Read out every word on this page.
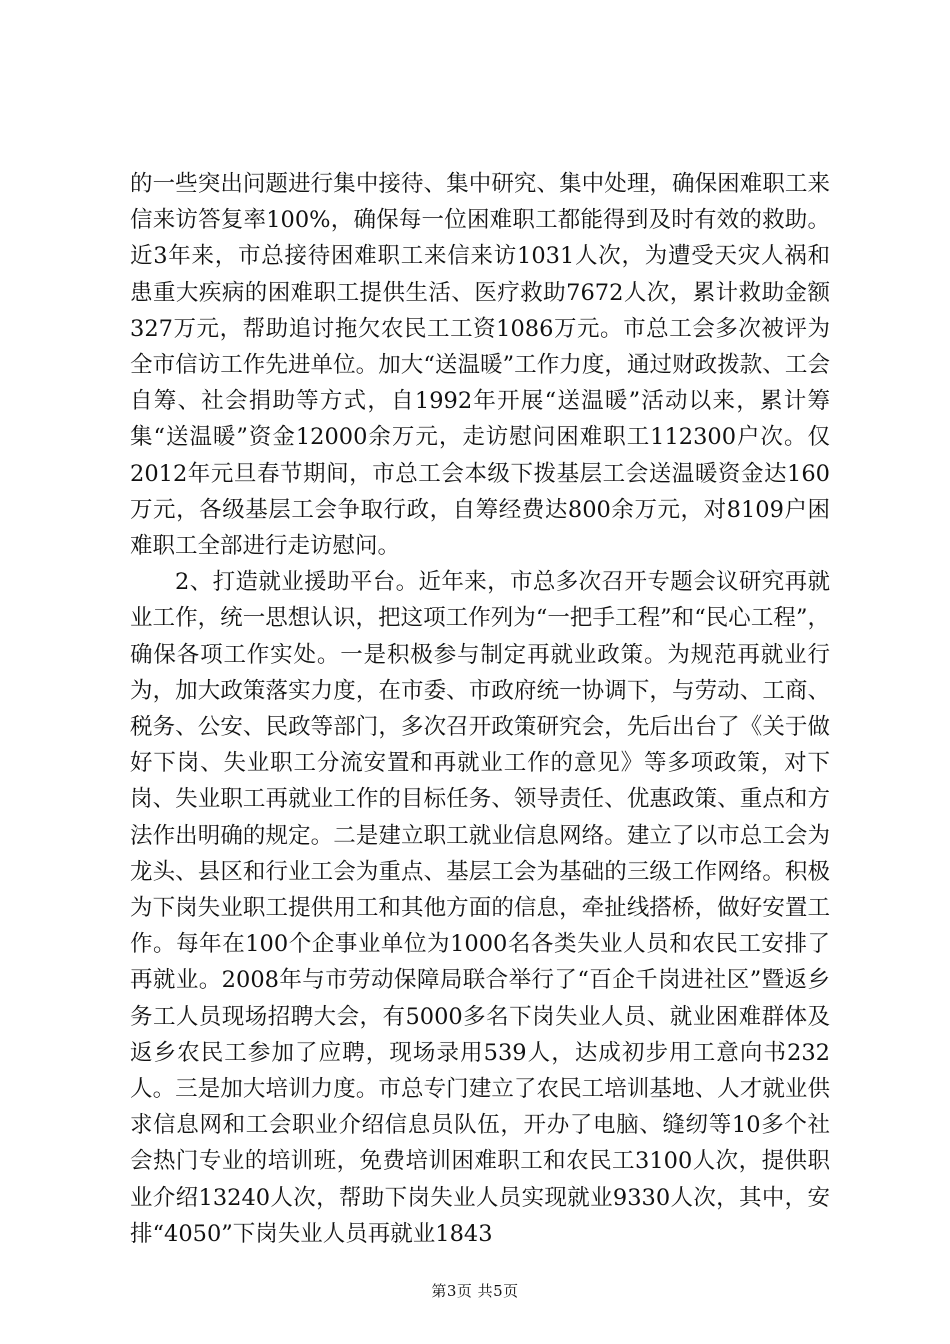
的一些突出问题进行集中接待、集中研究、集中处理，确保困难职工来信来访答复率100%，确保每一位困难职工都能得到及时有效的救助。近3年来，市总接待困难职工来信来访1031人次，为遭受天灾人祸和患重大疾病的困难职工提供生活、医疗救助7672人次，累计救助金额327万元，帮助追讨拖欠农民工工资1086万元。市总工会多次被评为全市信访工作先进单位。加大“送温暖”工作力度，通过财政拨款、工会自筹、社会捐助等方式，自1992年开展“送温暖”活动以来，累计筹集“送温暖”资金12000余万元，走访慰问困难职工112300户次。仅2012年元旦春节期间，市总工会本级下拨基层工会送温暖资金达160万元，各级基层工会争取行政，自筹经费达800余万元，对8109户困难职工全部进行走访慰问。

2、打造就业援助平台。近年来，市总多次召开专题会议研究再就业工作，统一思想认识，把这项工作列为“一把手工程”和“民心工程”，确保各项工作实处。一是积极参与制定再就业政策。为规范再就业行为，加大政策落实力度，在市委、市政府统一协调下，与劳动、工商、税务、公安、民政等部门，多次召开政策研究会，先后出台了《关于做好下岗、失业职工分流安置和再就业工作的意见》等多项政策，对下岗、失业职工再就业工作的目标任务、领导责任、优惠政策、重点和方法作出明确的规定。二是建立职工就业信息网络。建立了以市总工会为龙头、县区和行业工会为重点、基层工会为基础的三级工作网络。积极为下岗失业职工提供用工和其他方面的信息，牵扯线搭桥，做好安置工作。每年在100个企事业单位为1000名各类失业人员和农民工安排了再就业。2008年与市劳动保障局联合举行了“百企千岗进社区”暨返乡务工人员现场招聘大会，有5000多名下岗失业人员、就业困难群体及返乡农民工参加了应聘，现场录用539人，达成初步用工意向书232人。三是加大培训力度。市总专门建立了农民工培训基地、人才就业供求信息网和工会职业介绍信息员队伍，开办了电脑、缝纫等10多个社会热门专业的培训班，免费培训困难职工和农民工3100人次，提供职业介绍13240人次，帮助下岗失业人员实现就业9330人次，其中，安排“4050”下岗失业人员再就业1843

第3页 共5页
